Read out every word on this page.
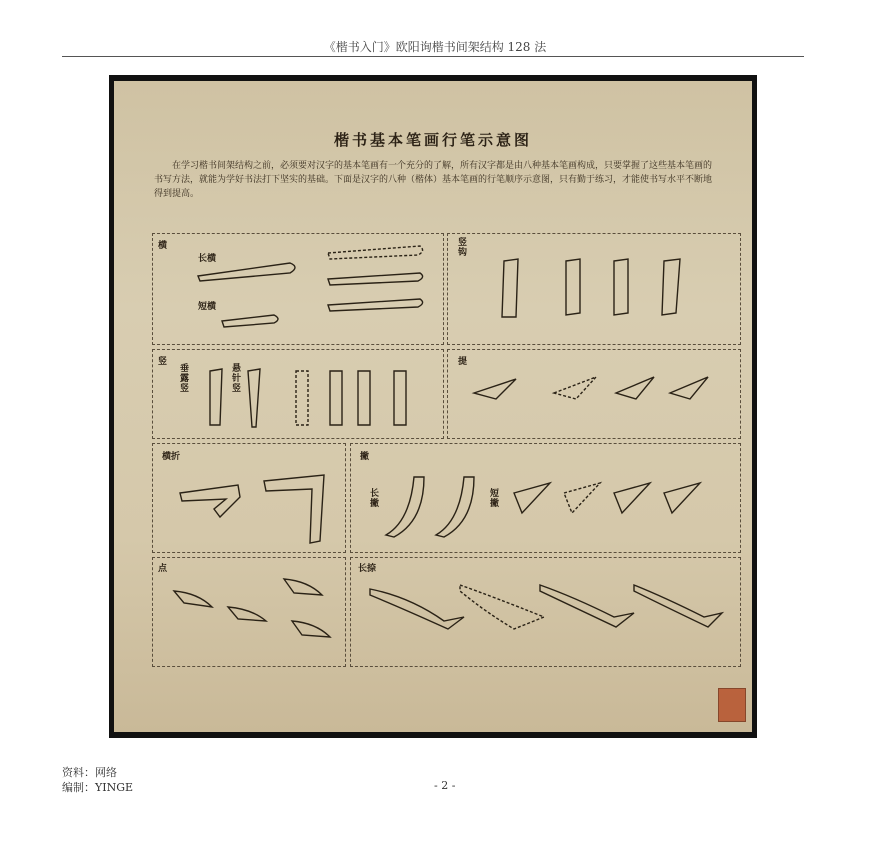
《楷书入门》欧阳询楷书间架结构 128 法
楷书基本笔画行笔示意图
在学习楷书间架结构之前，必须要对汉字的基本笔画有一个充分的了解，所有汉字都是由八种基本笔画构成，只要掌握了这些基本笔画的书写方法，就能为学好书法打下坚实的基础。下面是汉字的八种（楷体）基本笔画的行笔顺序示意图，只有勤于练习，才能使书写水平不断地得到提高。
横
长横
短横
竖钩
竖
垂露竖
悬针竖
提
横折	撇
长撇
短撇
点	长捺
资料：网络
编制：YINGE	- 2 -
